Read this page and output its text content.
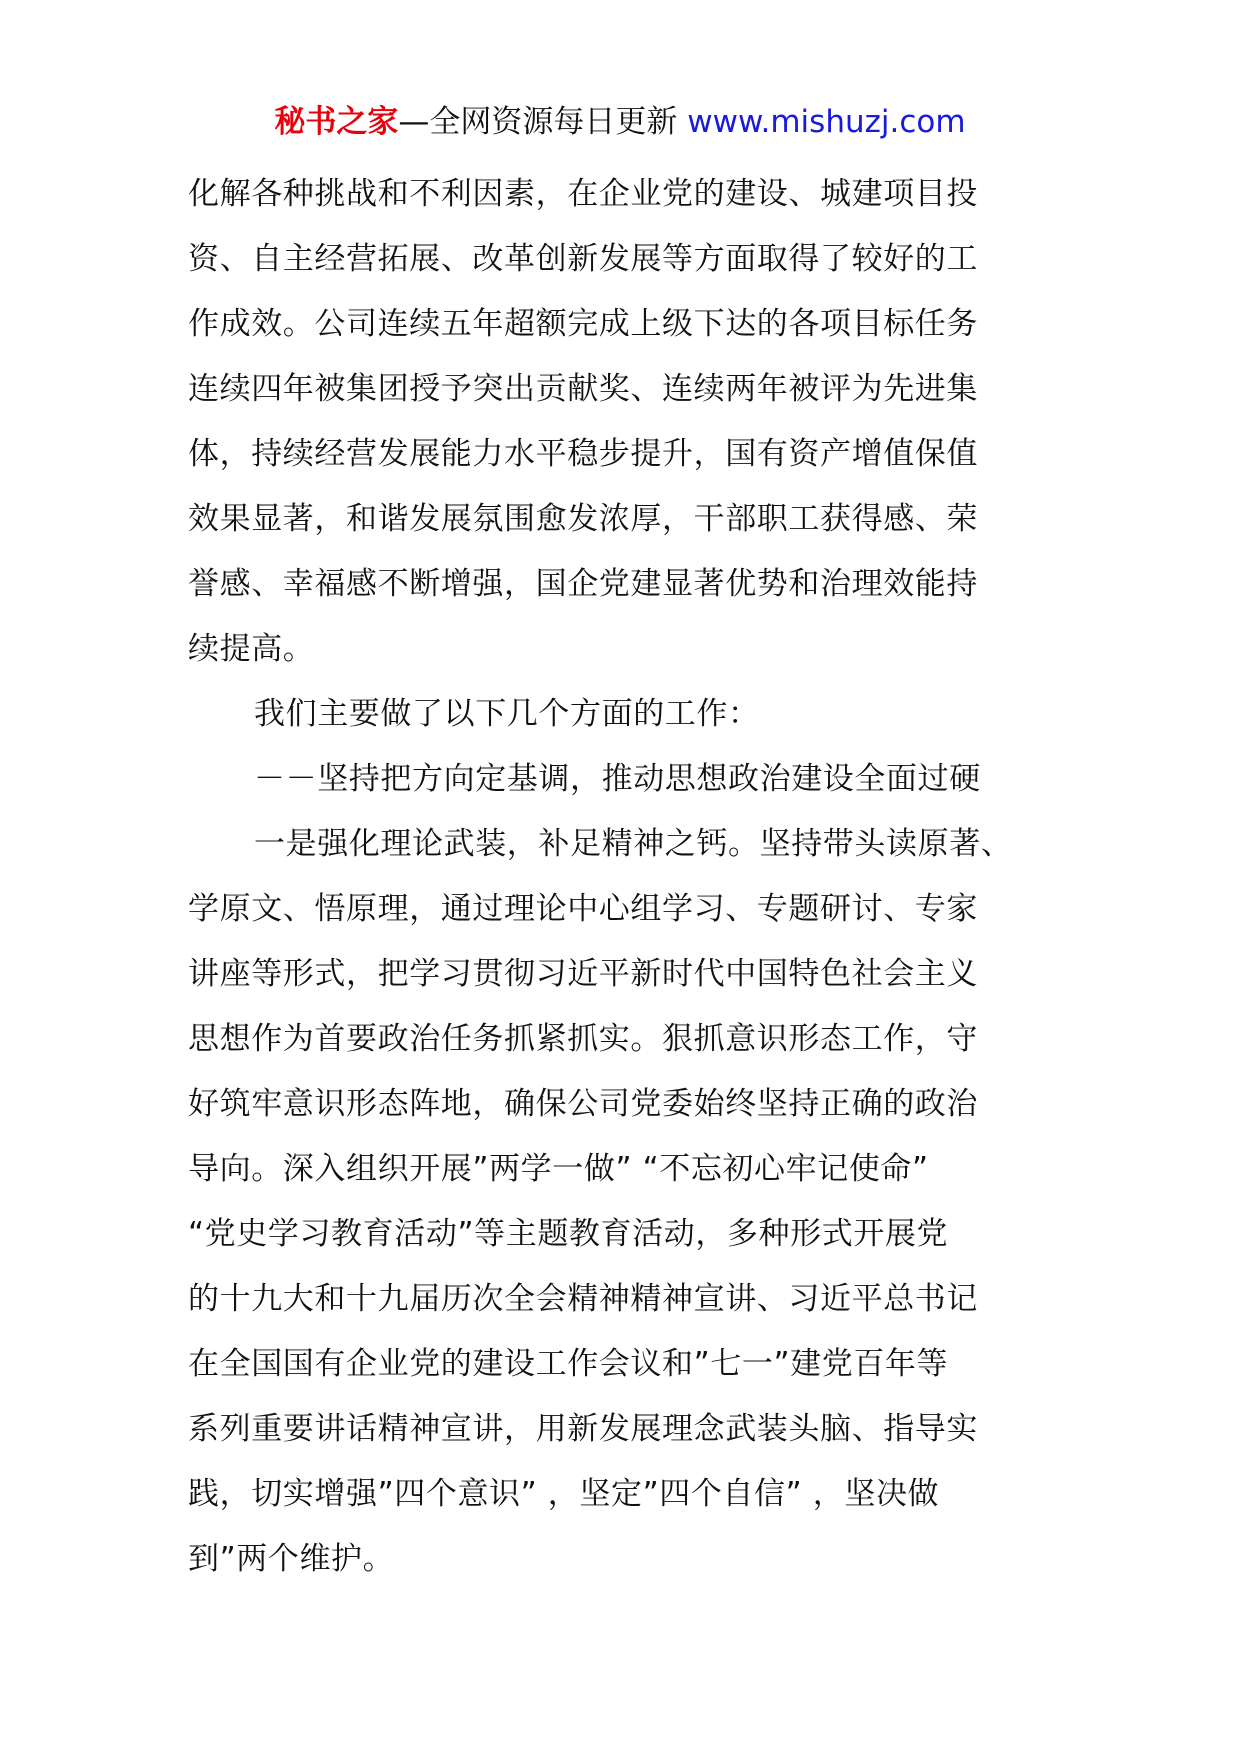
秘书之家—全网资源每日更新 www.mishuzj.com

化解各种挑战和不利因素，在企业党的建设、城建项目投
资、自主经营拓展、改革创新发展等方面取得了较好的工
作成效。公司连续五年超额完成上级下达的各项目标任务
连续四年被集团授予突出贡献奖、连续两年被评为先进集
体，持续经营发展能力水平稳步提升，国有资产增值保值
效果显著，和谐发展氛围愈发浓厚，干部职工获得感、荣
誉感、幸福感不断增强，国企党建显著优势和治理效能持
续提高。

我们主要做了以下几个方面的工作：

－－坚持把方向定基调，推动思想政治建设全面过硬

一是强化理论武装，补足精神之钙。坚持带头读原著、
学原文、悟原理，通过理论中心组学习、专题研讨、专家
讲座等形式，把学习贯彻习近平新时代中国特色社会主义
思想作为首要政治任务抓紧抓实。狠抓意识形态工作，守
好筑牢意识形态阵地，确保公司党委始终坚持正确的政治
导向。深入组织开展”两学一做” “不忘初心牢记使命”
“党史学习教育活动”等主题教育活动，多种形式开展党
的十九大和十九届历次全会精神精神宣讲、习近平总书记
在全国国有企业党的建设工作会议和”七一”建党百年等
系列重要讲话精神宣讲，用新发展理念武装头脑、指导实
践，切实增强”四个意识” ，坚定”四个自信” ，坚决做
到”两个维护。
